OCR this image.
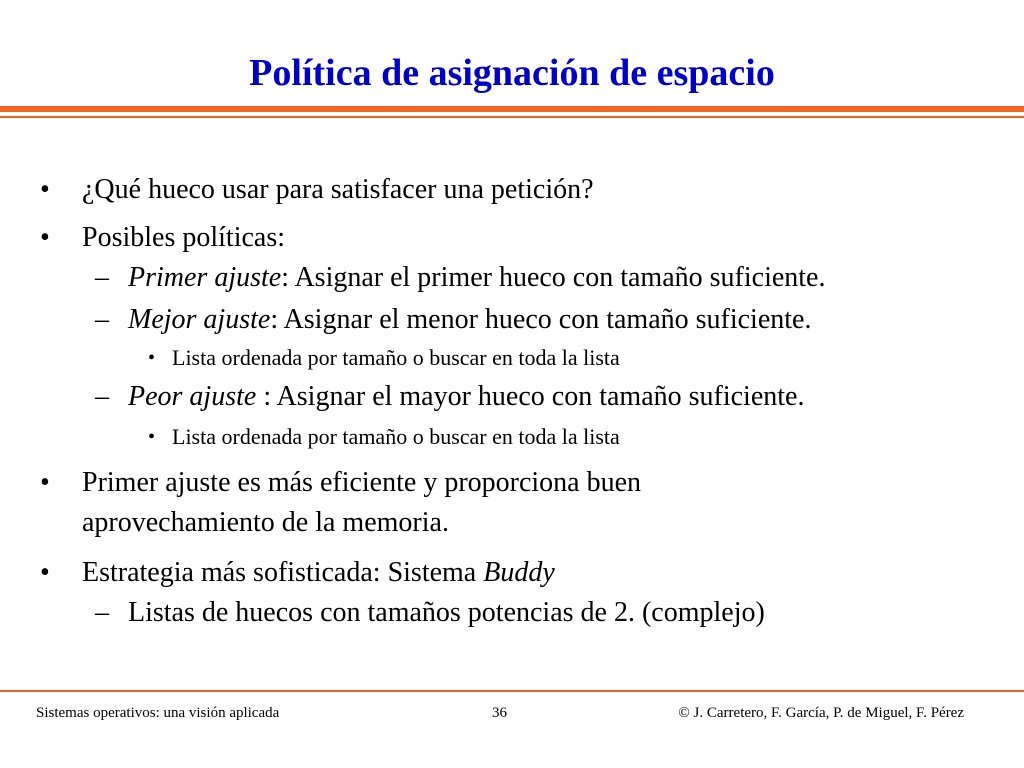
Política de asignación de espacio
• ¿Qué hueco usar para satisfacer una petición?
• Posibles políticas:
– Primer ajuste: Asignar el primer hueco con tamaño suficiente.
– Mejor ajuste: Asignar el menor hueco con tamaño suficiente.
• Lista ordenada por tamaño o buscar en toda la lista
– Peor ajuste : Asignar el mayor hueco con tamaño suficiente.
• Lista ordenada por tamaño o buscar en toda la lista
• Primer ajuste es más eficiente y proporciona buen
aprovechamiento de la memoria.
• Estrategia más sofisticada: Sistema Buddy
– Listas de huecos con tamaños potencias de 2. (complejo)
Sistemas operativos: una visión aplicada	36	© J. Carretero, F. García, P. de Miguel, F. Pérez
